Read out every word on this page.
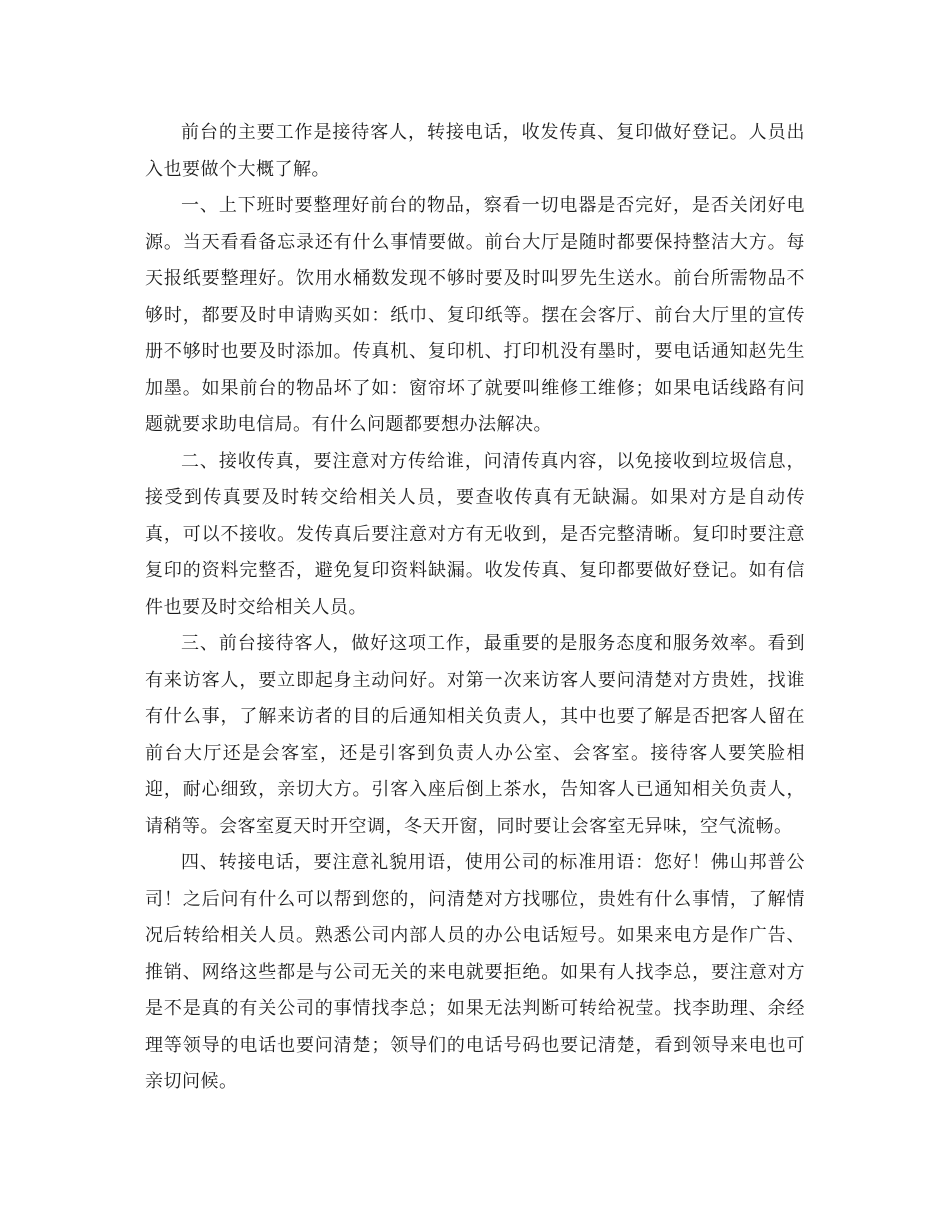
前台的主要工作是接待客人，转接电话，收发传真、复印做好登记。人员出入也要做个大概了解。

一、上下班时要整理好前台的物品，察看一切电器是否完好，是否关闭好电源。当天看看备忘录还有什么事情要做。前台大厅是随时都要保持整洁大方。每天报纸要整理好。饮用水桶数发现不够时要及时叫罗先生送水。前台所需物品不够时，都要及时申请购买如：纸巾、复印纸等。摆在会客厅、前台大厅里的宣传册不够时也要及时添加。传真机、复印机、打印机没有墨时，要电话通知赵先生加墨。如果前台的物品坏了如：窗帘坏了就要叫维修工维修；如果电话线路有问题就要求助电信局。有什么问题都要想办法解决。

二、接收传真，要注意对方传给谁，问清传真内容，以免接收到垃圾信息，接受到传真要及时转交给相关人员，要查收传真有无缺漏。如果对方是自动传真，可以不接收。发传真后要注意对方有无收到，是否完整清晰。复印时要注意复印的资料完整否，避免复印资料缺漏。收发传真、复印都要做好登记。如有信件也要及时交给相关人员。

三、前台接待客人，做好这项工作，最重要的是服务态度和服务效率。看到有来访客人，要立即起身主动问好。对第一次来访客人要问清楚对方贵姓，找谁有什么事，了解来访者的目的后通知相关负责人，其中也要了解是否把客人留在前台大厅还是会客室，还是引客到负责人办公室、会客室。接待客人要笑脸相迎，耐心细致，亲切大方。引客入座后倒上茶水，告知客人已通知相关负责人，请稍等。会客室夏天时开空调，冬天开窗，同时要让会客室无异味，空气流畅。

四、转接电话，要注意礼貌用语，使用公司的标准用语：您好！佛山邦普公司！之后问有什么可以帮到您的，问清楚对方找哪位，贵姓有什么事情，了解情况后转给相关人员。熟悉公司内部人员的办公电话短号。如果来电方是作广告、推销、网络这些都是与公司无关的来电就要拒绝。如果有人找李总，要注意对方是不是真的有关公司的事情找李总；如果无法判断可转给祝莹。找李助理、余经理等领导的电话也要问清楚；领导们的电话号码也要记清楚，看到领导来电也可亲切问候。
